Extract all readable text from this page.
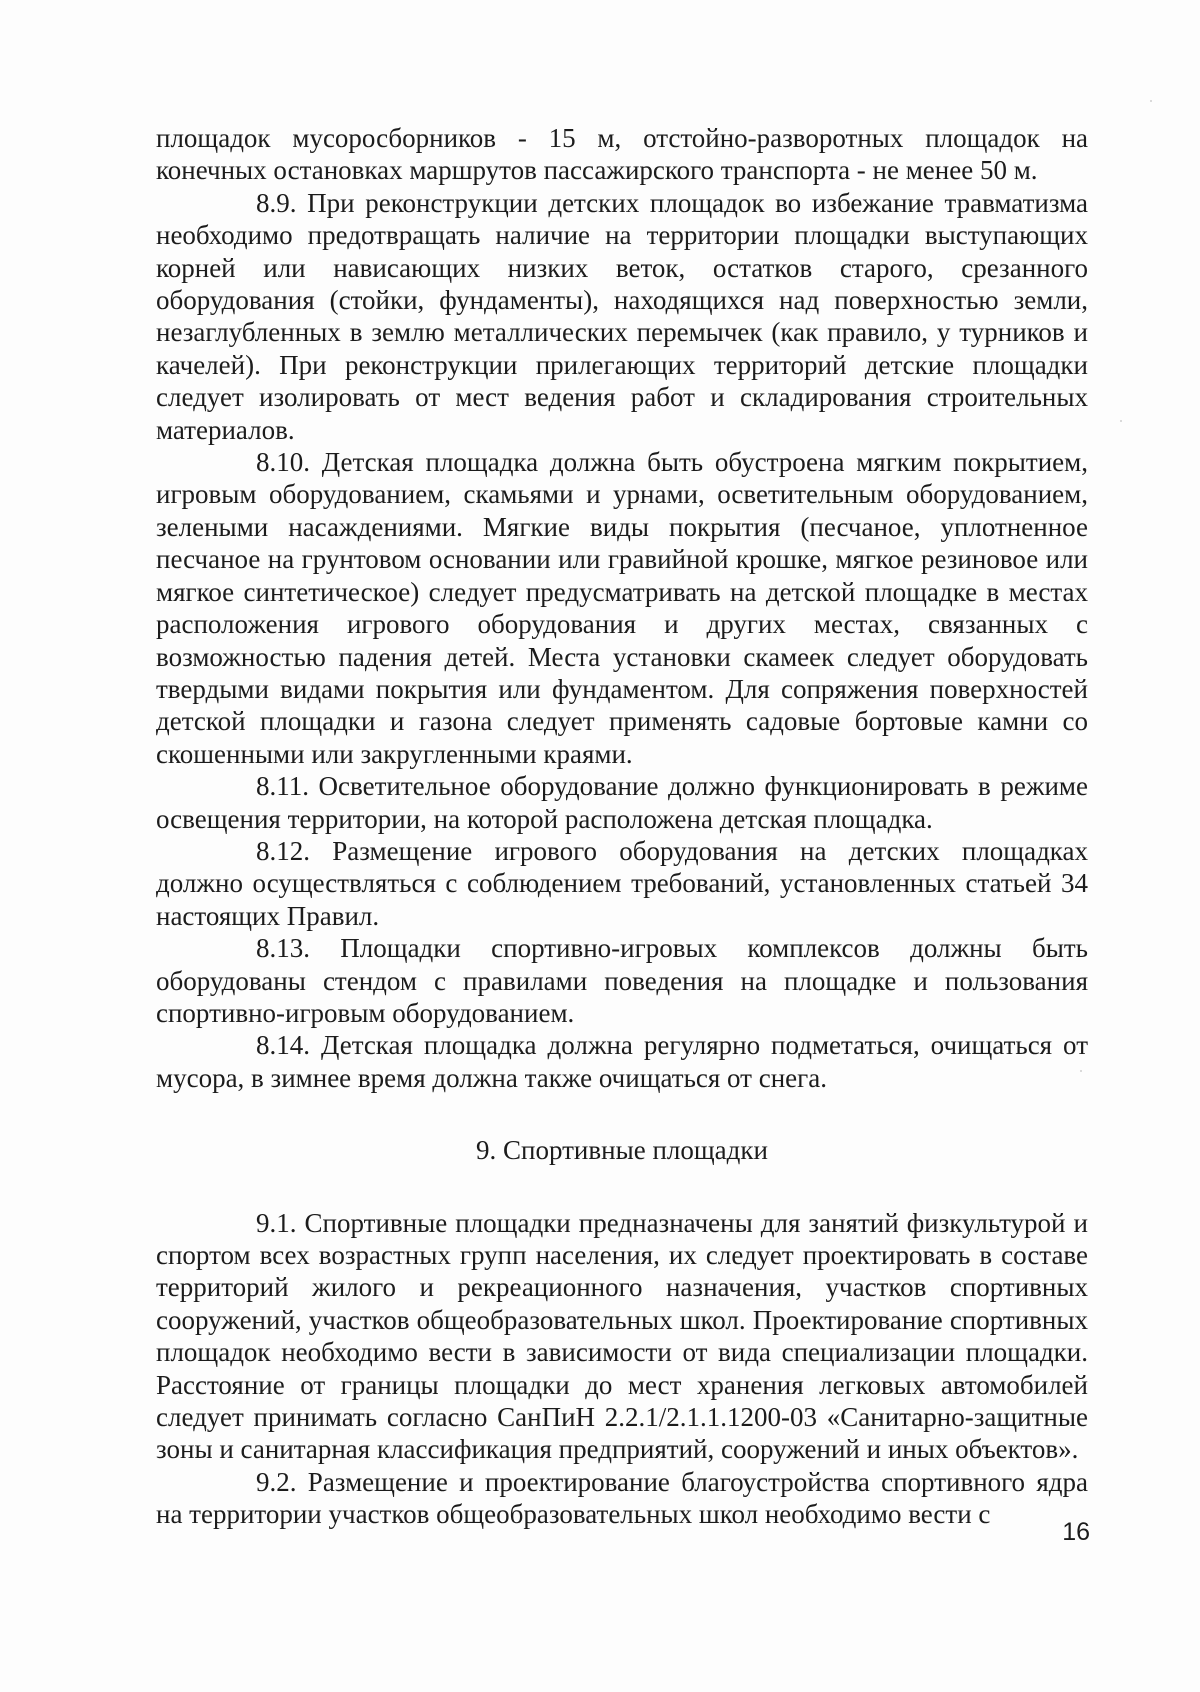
площадок мусоросборников - 15 м, отстойно-разворотных площадок на конечных остановках маршрутов пассажирского транспорта - не менее 50 м.

8.9. При реконструкции детских площадок во избежание травматизма необходимо предотвращать наличие на территории площадки выступающих корней или нависающих низких веток, остатков старого, срезанного оборудования (стойки, фундаменты), находящихся над поверхностью земли, незаглубленных в землю металлических перемычек (как правило, у турников и качелей). При реконструкции прилегающих территорий детские площадки следует изолировать от мест ведения работ и складирования строительных материалов.

8.10. Детская площадка должна быть обустроена мягким покрытием, игровым оборудованием, скамьями и урнами, осветительным оборудованием, зелеными насаждениями. Мягкие виды покрытия (песчаное, уплотненное песчаное на грунтовом основании или гравийной крошке, мягкое резиновое или мягкое синтетическое) следует предусматривать на детской площадке в местах расположения игрового оборудования и других местах, связанных с возможностью падения детей. Места установки скамеек следует оборудовать твердыми видами покрытия или фундаментом. Для сопряжения поверхностей детской площадки и газона следует применять садовые бортовые камни со скошенными или закругленными краями.

8.11. Осветительное оборудование должно функционировать в режиме освещения территории, на которой расположена детская площадка.

8.12. Размещение игрового оборудования на детских площадках должно осуществляться с соблюдением требований, установленных статьей 34 настоящих Правил.

8.13. Площадки спортивно-игровых комплексов должны быть оборудованы стендом с правилами поведения на площадке и пользования спортивно-игровым оборудованием.

8.14. Детская площадка должна регулярно подметаться, очищаться от мусора, в зимнее время должна также очищаться от снега.

9. Спортивные площадки

9.1. Спортивные площадки предназначены для занятий физкультурой и спортом всех возрастных групп населения, их следует проектировать в составе территорий жилого и рекреационного назначения, участков спортивных сооружений, участков общеобразовательных школ. Проектирование спортивных площадок необходимо вести в зависимости от вида специализации площадки. Расстояние от границы площадки до мест хранения легковых автомобилей следует принимать согласно СанПиН 2.2.1/2.1.1.1200-03 «Санитарно-защитные зоны и санитарная классификация предприятий, сооружений и иных объектов».

9.2. Размещение и проектирование благоустройства спортивного ядра на территории участков общеобразовательных школ необходимо вести с

16
